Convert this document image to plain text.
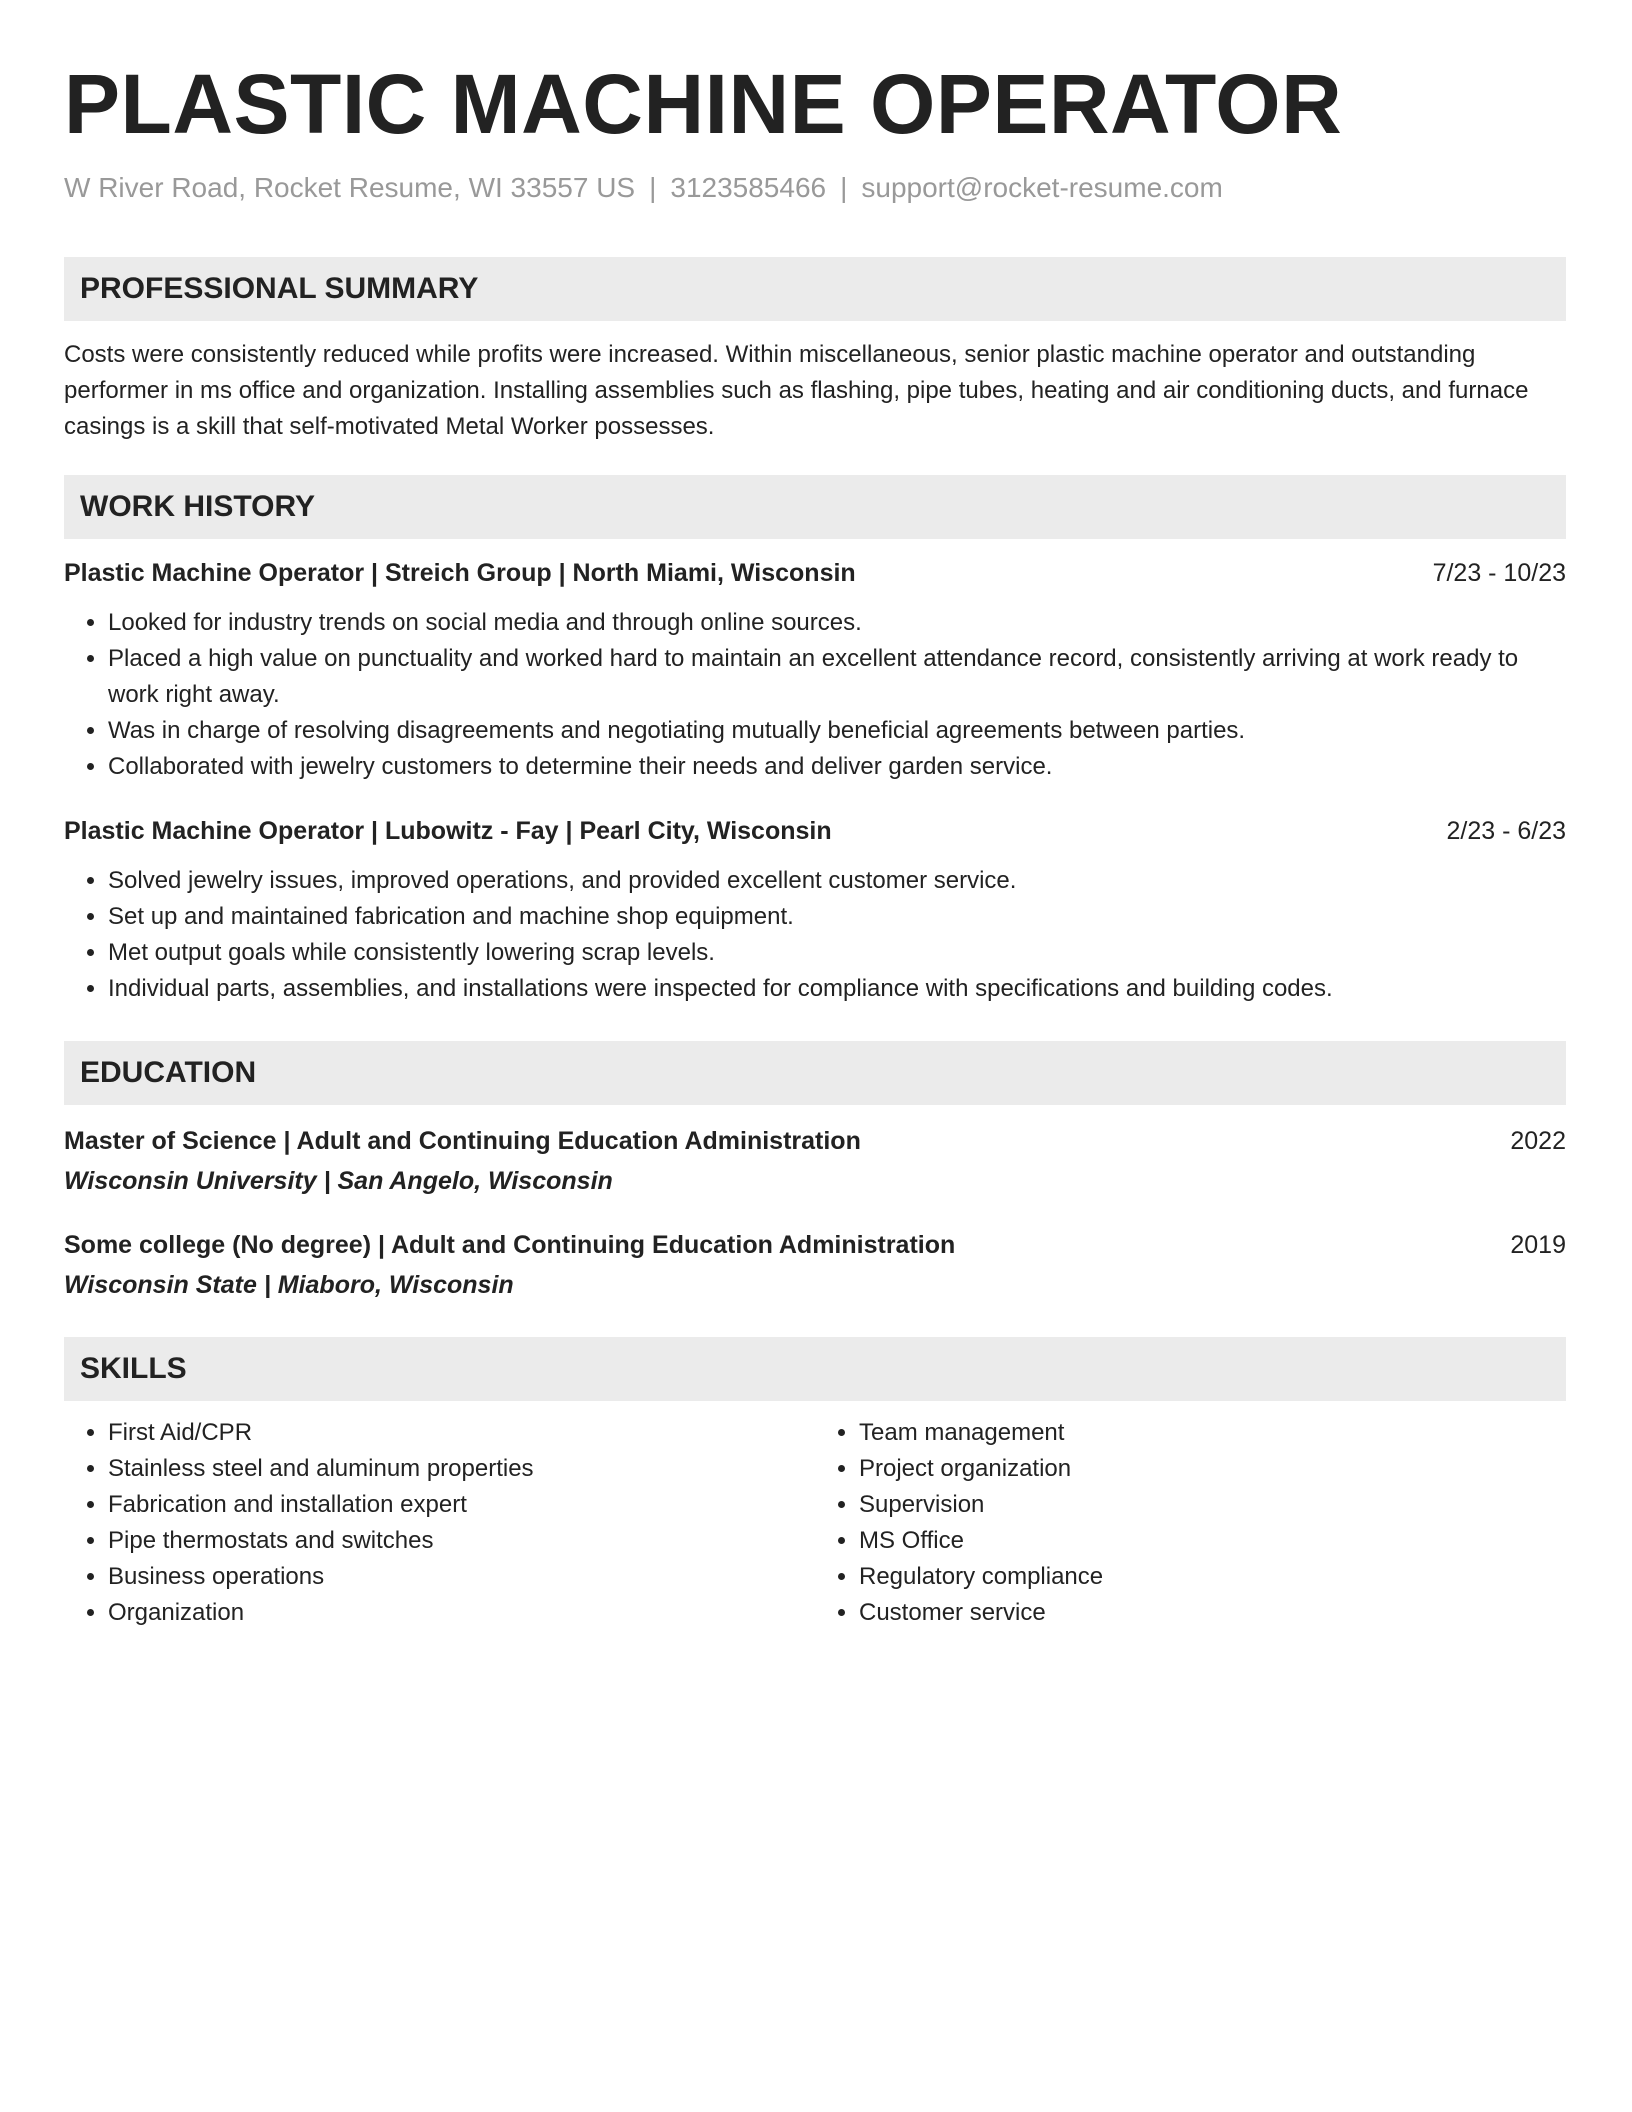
PLASTIC MACHINE OPERATOR
W River Road, Rocket Resume, WI 33557 US | 3123585466 | support@rocket-resume.com
PROFESSIONAL SUMMARY

Costs were consistently reduced while profits were increased. Within miscellaneous, senior plastic machine operator and outstanding performer in ms office and organization. Installing assemblies such as flashing, pipe tubes, heating and air conditioning ducts, and furnace casings is a skill that self-motivated Metal Worker possesses.

WORK HISTORY
Plastic Machine Operator | Streich Group | North Miami, Wisconsin	7/23 - 10/23
• Looked for industry trends on social media and through online sources.
• Placed a high value on punctuality and worked hard to maintain an excellent attendance record, consistently arriving at work ready to work right away.
• Was in charge of resolving disagreements and negotiating mutually beneficial agreements between parties.
• Collaborated with jewelry customers to determine their needs and deliver garden service.
Plastic Machine Operator | Lubowitz - Fay | Pearl City, Wisconsin	2/23 - 6/23
• Solved jewelry issues, improved operations, and provided excellent customer service.
• Set up and maintained fabrication and machine shop equipment.
• Met output goals while consistently lowering scrap levels.
• Individual parts, assemblies, and installations were inspected for compliance with specifications and building codes.
EDUCATION
Master of Science | Adult and Continuing Education Administration	2022
Wisconsin University | San Angelo, Wisconsin
Some college (No degree) | Adult and Continuing Education Administration	2019
Wisconsin State | Miaboro, Wisconsin
SKILLS
• First Aid/CPR
• Stainless steel and aluminum properties
• Fabrication and installation expert
• Pipe thermostats and switches
• Business operations
• Organization
• Team management
• Project organization
• Supervision
• MS Office
• Regulatory compliance
• Customer service
